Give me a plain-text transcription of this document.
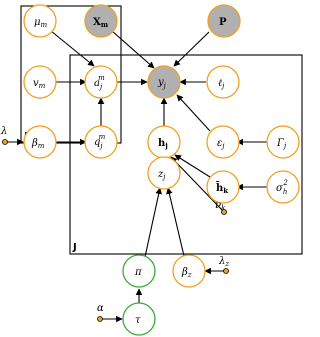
J
$\mu_m$	$X_m$	P
$v_m$	$a_jm$	$y_j$	ℓ$_j$
$\beta_m$	$q_jm$
$h_j$	$\varepsilon_j$	$\Gamma_j$
$z_j$
$h̄_k$	$\sigma_h2$
π	$\beta_z$
τ
λ
$\nu_k$
$\lambda_z$
α
